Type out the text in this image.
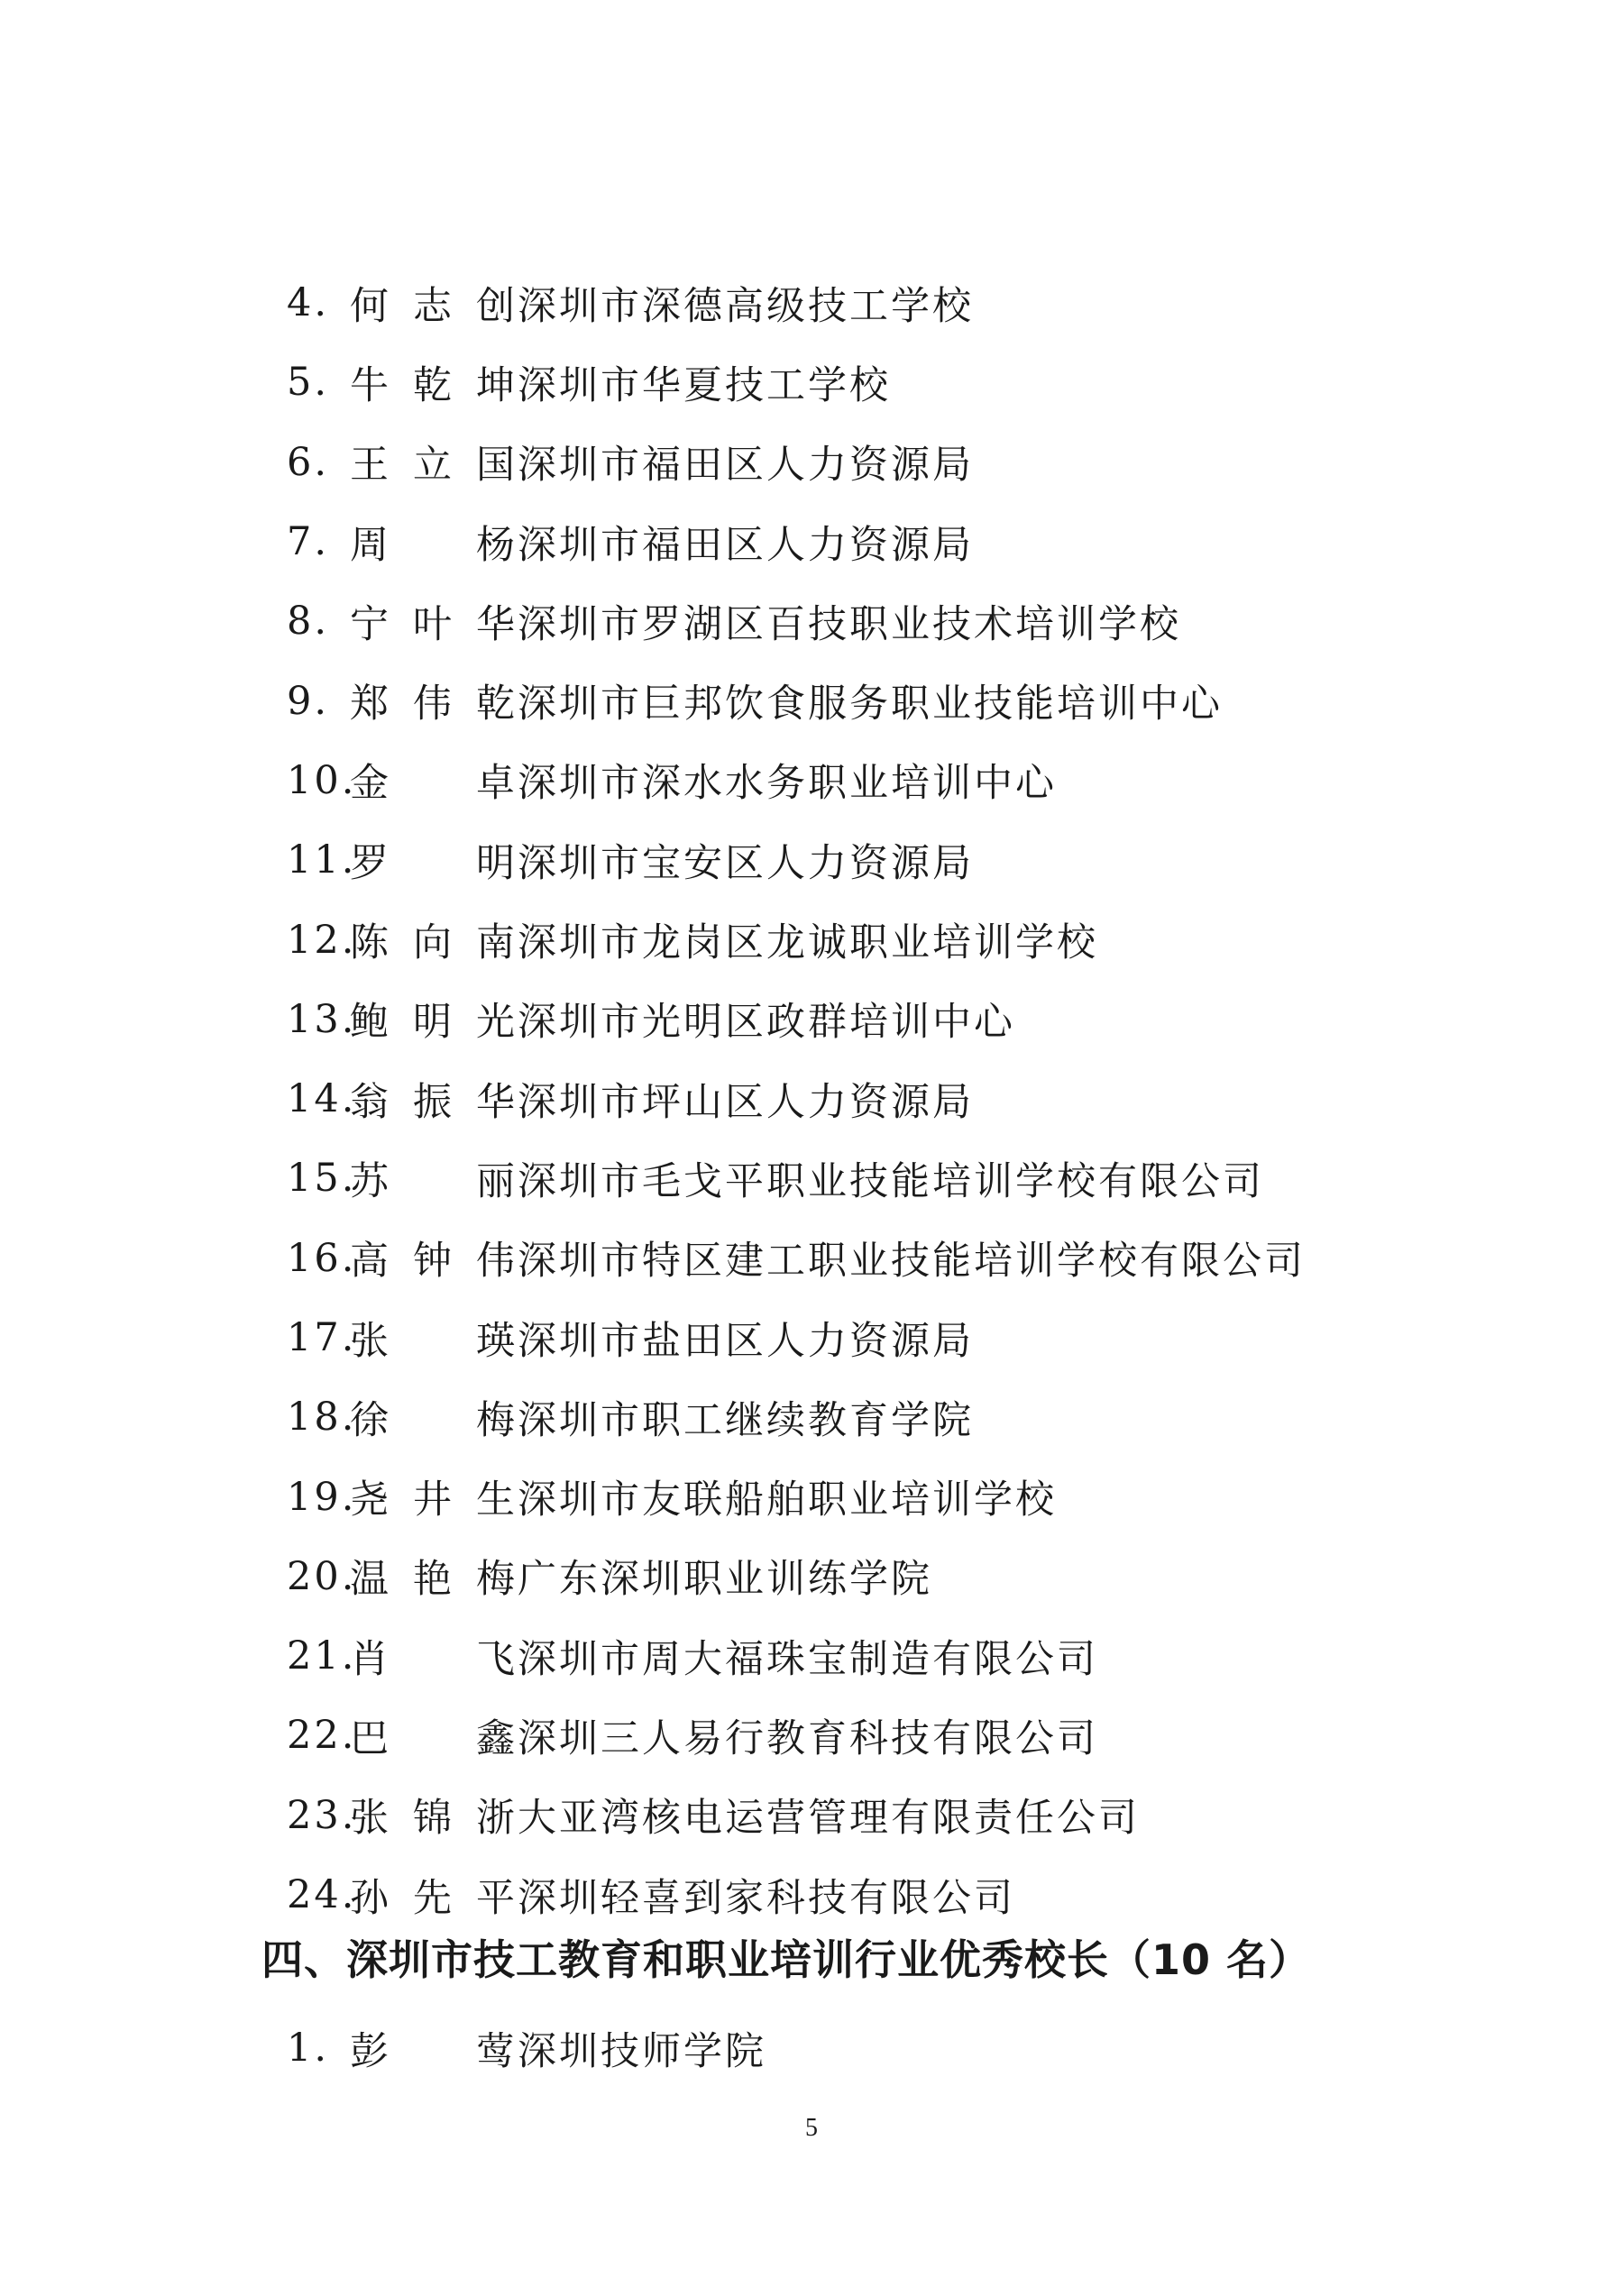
4. 何志创 深圳市深德高级技工学校
5. 牛乾坤 深圳市华夏技工学校
6. 王立国 深圳市福田区人力资源局
7. 周　杨 深圳市福田区人力资源局
8. 宁叶华 深圳市罗湖区百技职业技术培训学校
9. 郑伟乾 深圳市巨邦饮食服务职业技能培训中心
10.
金　卓 深圳市深水水务职业培训中心
11.
罗　明 深圳市宝安区人力资源局
12.
陈向南 深圳市龙岗区龙诚职业培训学校
13.
鲍明光 深圳市光明区政群培训中心
14.
翁振华 深圳市坪山区人力资源局
15.
苏　丽 深圳市毛戈平职业技能培训学校有限公司
16.
高钟伟 深圳市特区建工职业技能培训学校有限公司
17.
张　瑛 深圳市盐田区人力资源局
18.
徐　梅 深圳市职工继续教育学院
19.
尧井生 深圳市友联船舶职业培训学校
20.
温艳梅 广东深圳职业训练学院
21.
肖　飞 深圳市周大福珠宝制造有限公司
22.
巴　鑫 深圳三人易行教育科技有限公司
23.
张锦浙 大亚湾核电运营管理有限责任公司
24.
孙先平 深圳轻喜到家科技有限公司
四、深圳市技工教育和职业培训行业优秀校长（10 名）
1. 彭　莺 深圳技师学院
5
